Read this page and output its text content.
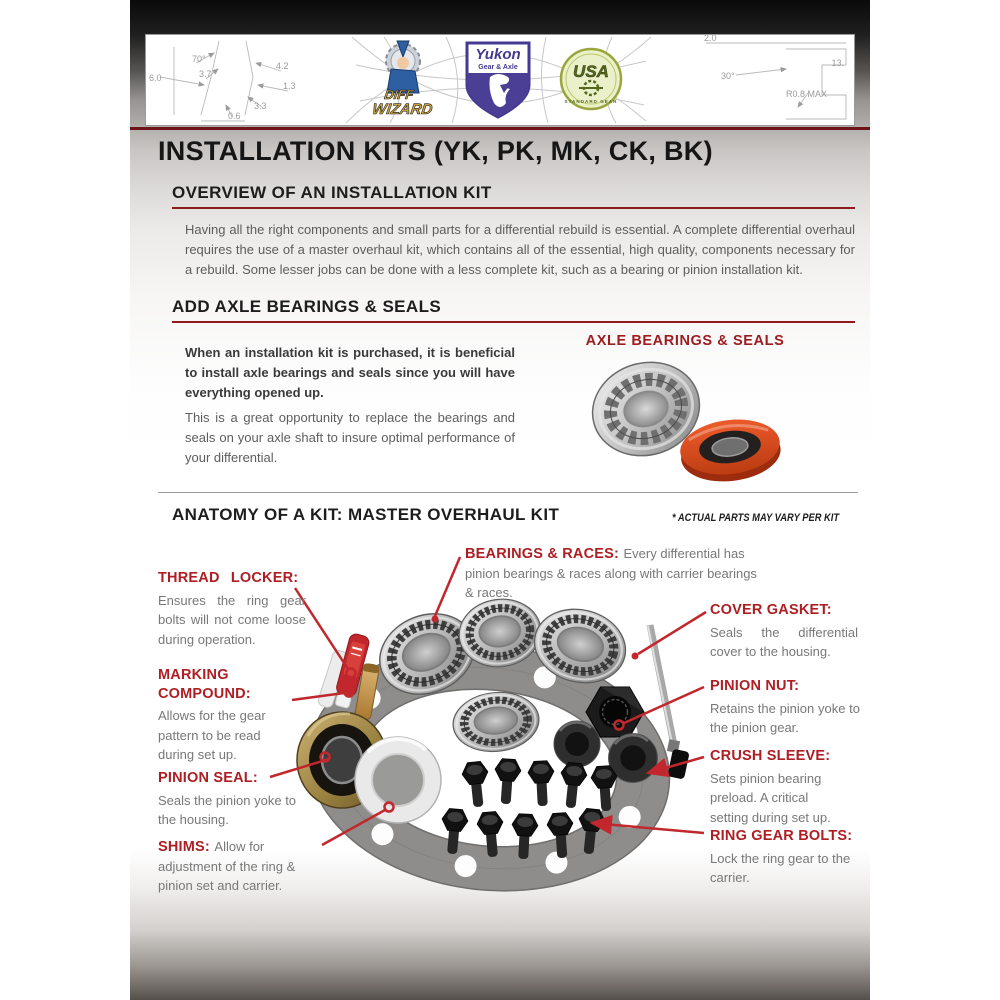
6.0
70°
3.7
4.2
1.3
3.3
0.6
2.0
13.
30°
R0.8 MAX
DIFF
WIZARD
Yukon
Gear & Axle	USA
STANDARD GEAR
INSTALLATION KITS (YK, PK, MK, CK, BK)
OVERVIEW OF AN INSTALLATION KIT

Having all the right components and small parts for a differential rebuild is essential. A complete differential overhaul requires the use of a master overhaul kit, which contains all of the essential, high quality, components necessary for a rebuild. Some lesser jobs can be done with a less complete kit, such as a bearing or pinion installation kit.

ADD AXLE BEARINGS & SEALS

When an installation kit is purchased, it is beneficial to install axle bearings and seals since you will have everything opened up.

This is a great opportunity to replace the bearings and seals on your axle shaft to insure optimal performance of your differential.

AXLE BEARINGS & SEALS
ANATOMY OF A KIT: MASTER OVERHAUL KIT	* ACTUAL PARTS MAY VARY PER KIT
BEARINGS & RACES: Every differential has pinion bearings & races along with carrier bearings & races.
THREAD LOCKER:
Ensures the ring gear bolts will not come loose during operation.
COVER GASKET:
Seals the differential cover to the housing.
MARKING COMPOUND:
Allows for the gear pattern to be read during set up.
PINION NUT:
Retains the pinion yoke to the pinion gear.
PINION SEAL:
Seals the pinion yoke to the housing.
CRUSH SLEEVE:
Sets pinion bearing preload. A critical setting during set up.
SHIMS: Allow for adjustment of the ring & pinion set and carrier.
RING GEAR BOLTS:
Lock the ring gear to the carrier.
